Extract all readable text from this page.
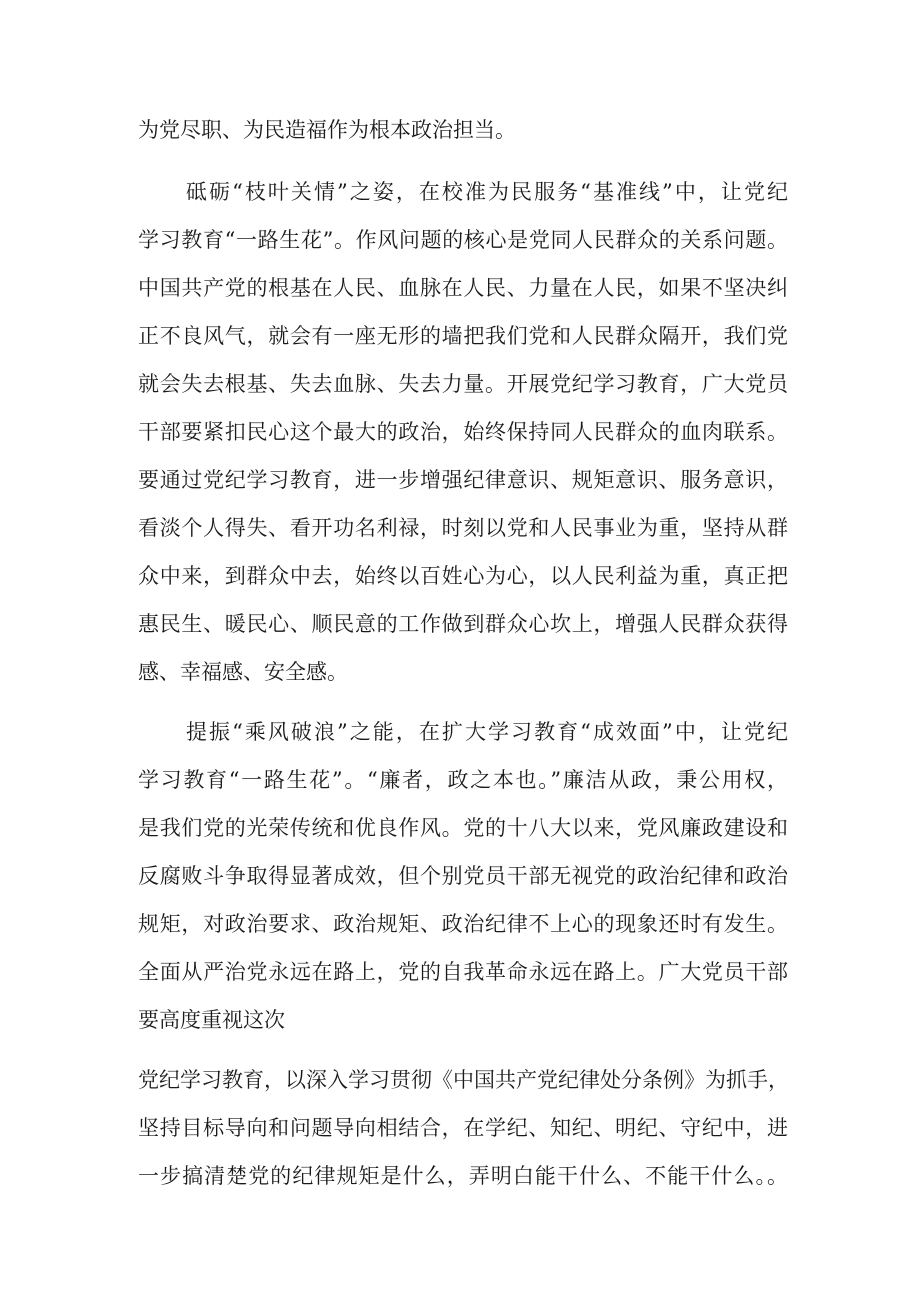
为党尽职、为民造福作为根本政治担当。
砥砺“枝叶关情”之姿，在校准为民服务“基准线”中，让党纪
学习教育“一路生花”。作风问题的核心是党同人民群众的关系问题。
中国共产党的根基在人民、血脉在人民、力量在人民，如果不坚决纠
正不良风气，就会有一座无形的墙把我们党和人民群众隔开，我们党
就会失去根基、失去血脉、失去力量。开展党纪学习教育，广大党员
干部要紧扣民心这个最大的政治，始终保持同人民群众的血肉联系。
要通过党纪学习教育，进一步增强纪律意识、规矩意识、服务意识，
看淡个人得失、看开功名利禄，时刻以党和人民事业为重，坚持从群
众中来，到群众中去，始终以百姓心为心，以人民利益为重，真正把
惠民生、暖民心、顺民意的工作做到群众心坎上，增强人民群众获得
感、幸福感、安全感。
提振“乘风破浪”之能，在扩大学习教育“成效面”中，让党纪
学习教育“一路生花”。“廉者，政之本也。”廉洁从政，秉公用权，
是我们党的光荣传统和优良作风。党的十八大以来，党风廉政建设和
反腐败斗争取得显著成效，但个别党员干部无视党的政治纪律和政治
规矩，对政治要求、政治规矩、政治纪律不上心的现象还时有发生。
全面从严治党永远在路上，党的自我革命永远在路上。广大党员干部
要高度重视这次
党纪学习教育，以深入学习贯彻《中国共产党纪律处分条例》为抓手，
坚持目标导向和问题导向相结合，在学纪、知纪、明纪、守纪中，进
一步搞清楚党的纪律规矩是什么，弄明白能干什么、不能干什么。。
